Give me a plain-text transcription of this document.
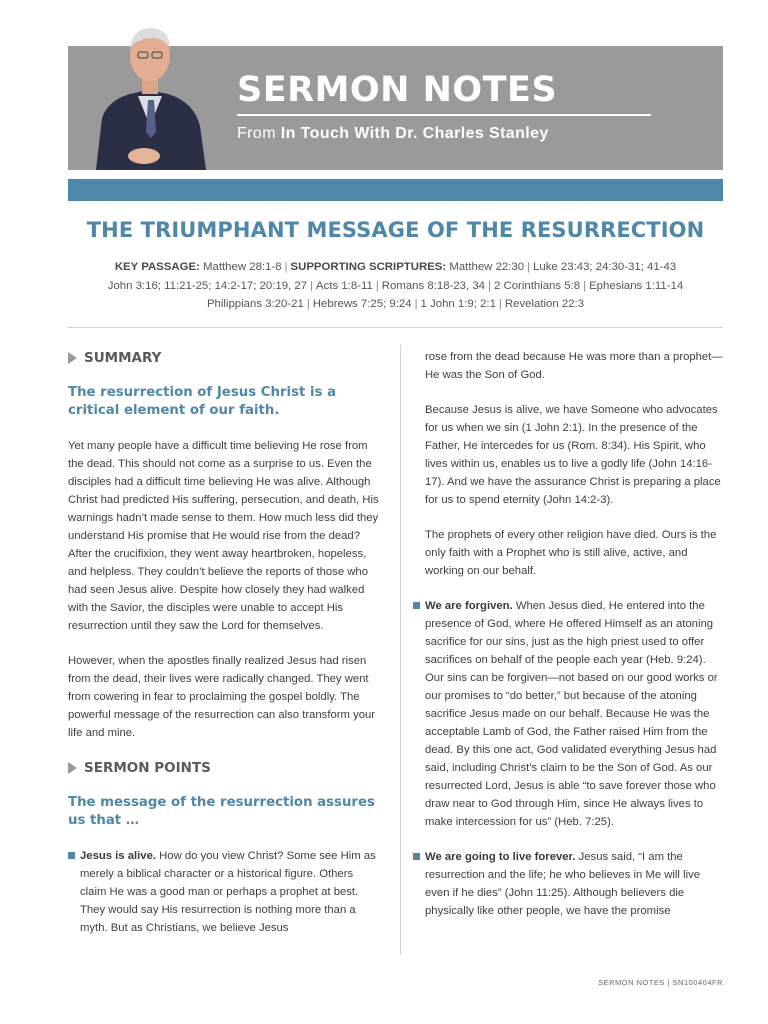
SERMON NOTES
From In Touch With Dr. Charles Stanley
THE TRIUMPHANT MESSAGE OF THE RESURRECTION
KEY PASSAGE: Matthew 28:1-8 | SUPPORTING SCRIPTURES: Matthew 22:30 | Luke 23:43; 24:30-31; 41-43
John 3:16; 11:21-25; 14:2-17; 20:19, 27 | Acts 1:8-11 | Romans 8:18-23, 34 | 2 Corinthians 5:8 | Ephesians 1:11-14
Philippians 3:20-21 | Hebrews 7:25; 9:24 | 1 John 1:9; 2:1 | Revelation 22:3
SUMMARY

The resurrection of Jesus Christ is a critical element of our faith.

Yet many people have a difficult time believing He rose from the dead. This should not come as a surprise to us. Even the disciples had a difficult time believing He was alive. Although Christ had predicted His suffering, persecution, and death, His warnings hadn’t made sense to them. How much less did they understand His promise that He would rise from the dead? After the crucifixion, they went away heartbroken, hopeless, and helpless. They couldn’t believe the reports of those who had seen Jesus alive. Despite how closely they had walked with the Savior, the disciples were unable to accept His resurrection until they saw the Lord for themselves.

However, when the apostles finally realized Jesus had risen from the dead, their lives were radically changed. They went from cowering in fear to proclaiming the gospel boldly. The powerful message of the resurrection can also transform your life and mine.

SERMON POINTS

The message of the resurrection assures us that …

Jesus is alive. How do you view Christ? Some see Him as merely a biblical character or a historical figure. Others claim He was a good man or perhaps a prophet at best. They would say His resurrection is nothing more than a myth. But as Christians, we believe Jesus

rose from the dead because He was more than a prophet—He was the Son of God.

Because Jesus is alive, we have Someone who advocates for us when we sin (1 John 2:1). In the presence of the Father, He intercedes for us (Rom. 8:34). His Spirit, who lives within us, enables us to live a godly life (John 14:16-17). And we have the assurance Christ is preparing a place for us to spend eternity (John 14:2-3).

The prophets of every other religion have died. Ours is the only faith with a Prophet who is still alive, active, and working on our behalf.

We are forgiven. When Jesus died, He entered into the presence of God, where He offered Himself as an atoning sacrifice for our sins, just as the high priest used to offer sacrifices on behalf of the people each year (Heb. 9:24). Our sins can be forgiven—not based on our good works or our promises to “do better,” but because of the atoning sacrifice Jesus made on our behalf. Because He was the acceptable Lamb of God, the Father raised Him from the dead. By this one act, God validated everything Jesus had said, including Christ’s claim to be the Son of God. As our resurrected Lord, Jesus is able “to save forever those who draw near to God through Him, since He always lives to make intercession for us” (Heb. 7:25).
We are going to live forever. Jesus said, “I am the resurrection and the life; he who believes in Me will live even if he dies” (John 11:25). Although believers die physically like other people, we have the promise
SERMON NOTES | SN100404FR
